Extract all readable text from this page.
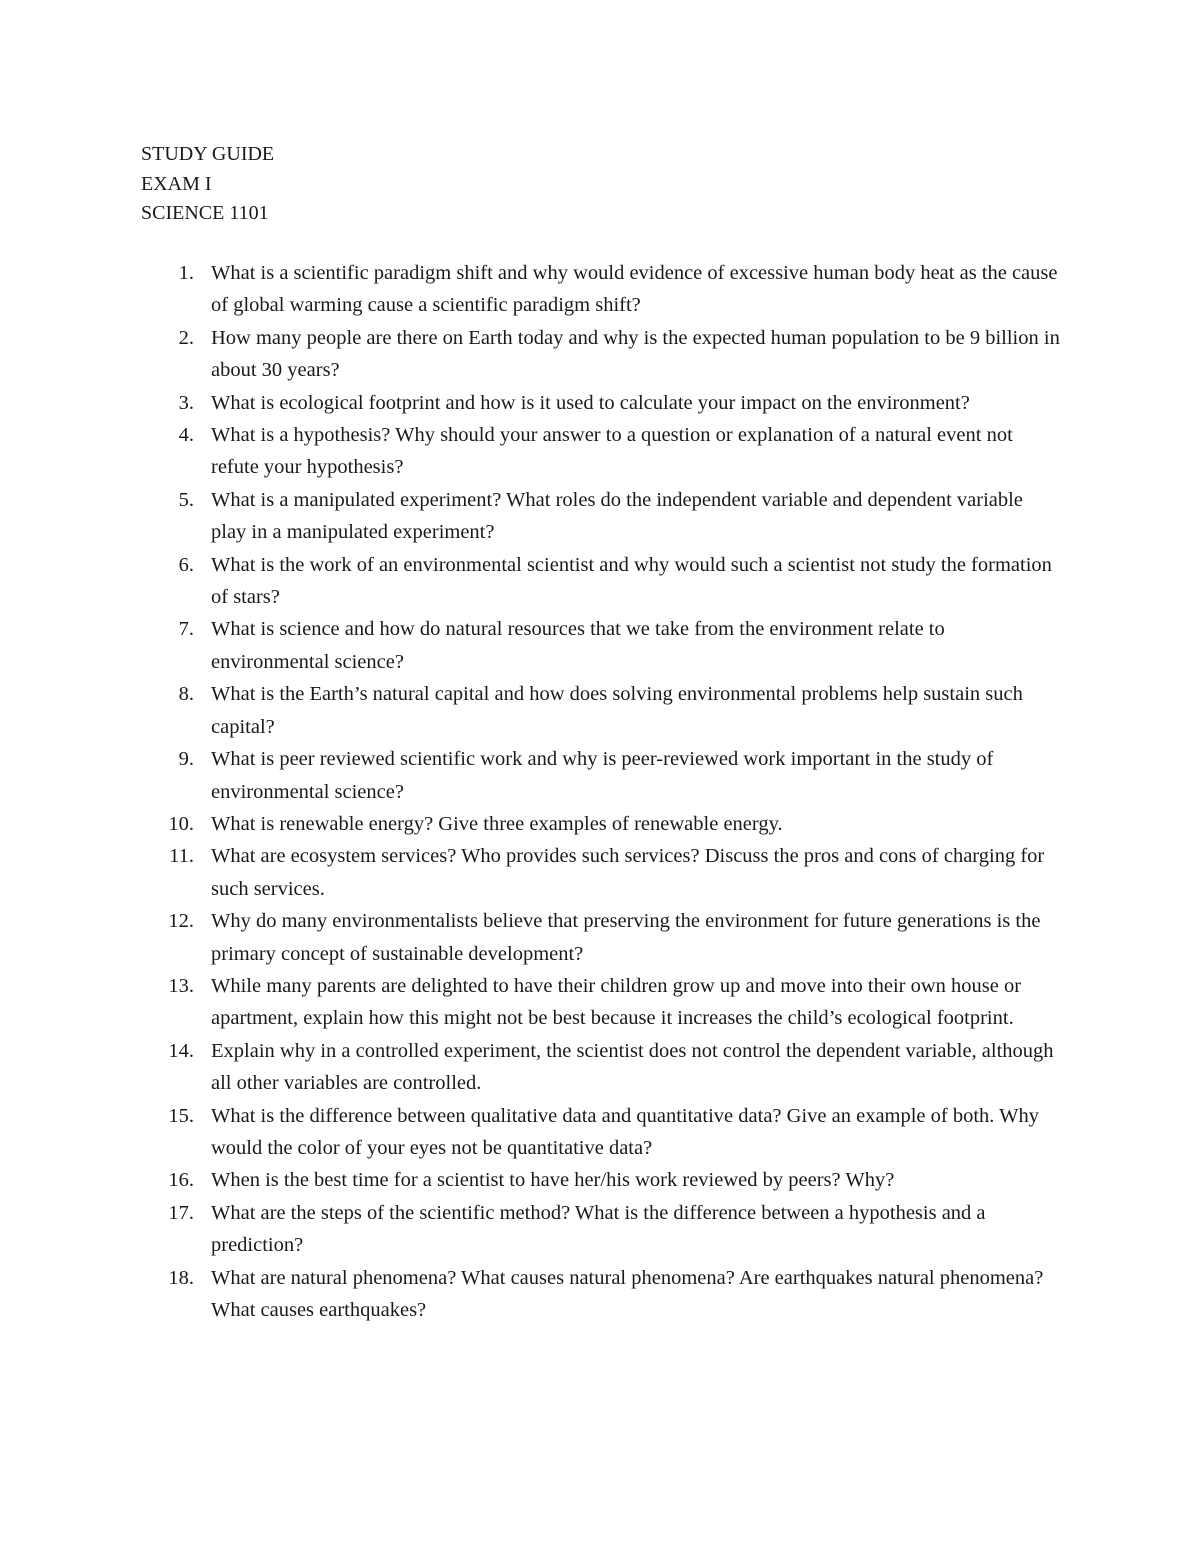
STUDY GUIDE
EXAM I
SCIENCE 1101
1. What is a scientific paradigm shift and why would evidence of excessive human body heat as the cause of global warming cause a scientific paradigm shift?
2. How many people are there on Earth today and why is the expected human population to be 9 billion in about 30 years?
3. What is ecological footprint and how is it used to calculate your impact on the environment?
4. What is a hypothesis? Why should your answer to a question or explanation of a natural event not refute your hypothesis?
5. What is a manipulated experiment? What roles do the independent variable and dependent variable play in a manipulated experiment?
6. What is the work of an environmental scientist and why would such a scientist not study the formation of stars?
7. What is science and how do natural resources that we take from the environment relate to environmental science?
8. What is the Earth’s natural capital and how does solving environmental problems help sustain such capital?
9. What is peer reviewed scientific work and why is peer-reviewed work important in the study of environmental science?
10. What is renewable energy? Give three examples of renewable energy.
11. What are ecosystem services? Who provides such services? Discuss the pros and cons of charging for such services.
12. Why do many environmentalists believe that preserving the environment for future generations is the primary concept of sustainable development?
13. While many parents are delighted to have their children grow up and move into their own house or apartment, explain how this might not be best because it increases the child’s ecological footprint.
14. Explain why in a controlled experiment, the scientist does not control the dependent variable, although all other variables are controlled.
15. What is the difference between qualitative data and quantitative data? Give an example of both. Why would the color of your eyes not be quantitative data?
16. When is the best time for a scientist to have her/his work reviewed by peers? Why?
17. What are the steps of the scientific method? What is the difference between a hypothesis and a prediction?
18. What are natural phenomena? What causes natural phenomena? Are earthquakes natural phenomena? What causes earthquakes?
